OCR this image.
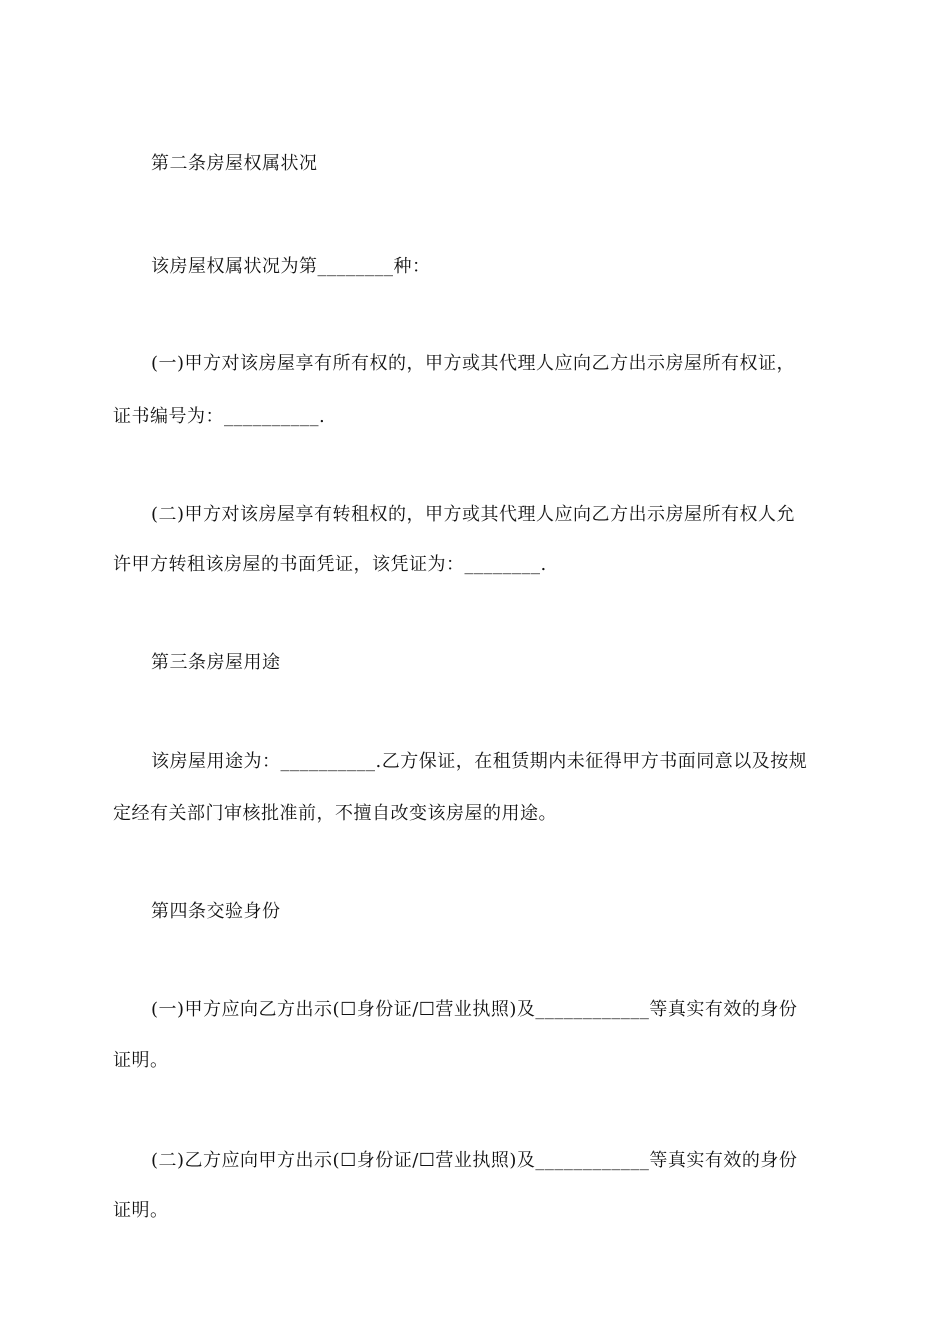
第二条房屋权属状况
该房屋权属状况为第________种：
(一)甲方对该房屋享有所有权的，甲方或其代理人应向乙方出示房屋所有权证，
证书编号为：__________.
(二)甲方对该房屋享有转租权的，甲方或其代理人应向乙方出示房屋所有权人允
许甲方转租该房屋的书面凭证，该凭证为：________.
第三条房屋用途
该房屋用途为：__________.乙方保证，在租赁期内未征得甲方书面同意以及按规
定经有关部门审核批准前，不擅自改变该房屋的用途。
第四条交验身份
(一)甲方应向乙方出示(☐身份证/☐营业执照)及____________等真实有效的身份
证明。
(二)乙方应向甲方出示(☐身份证/☐营业执照)及____________等真实有效的身份
证明。
